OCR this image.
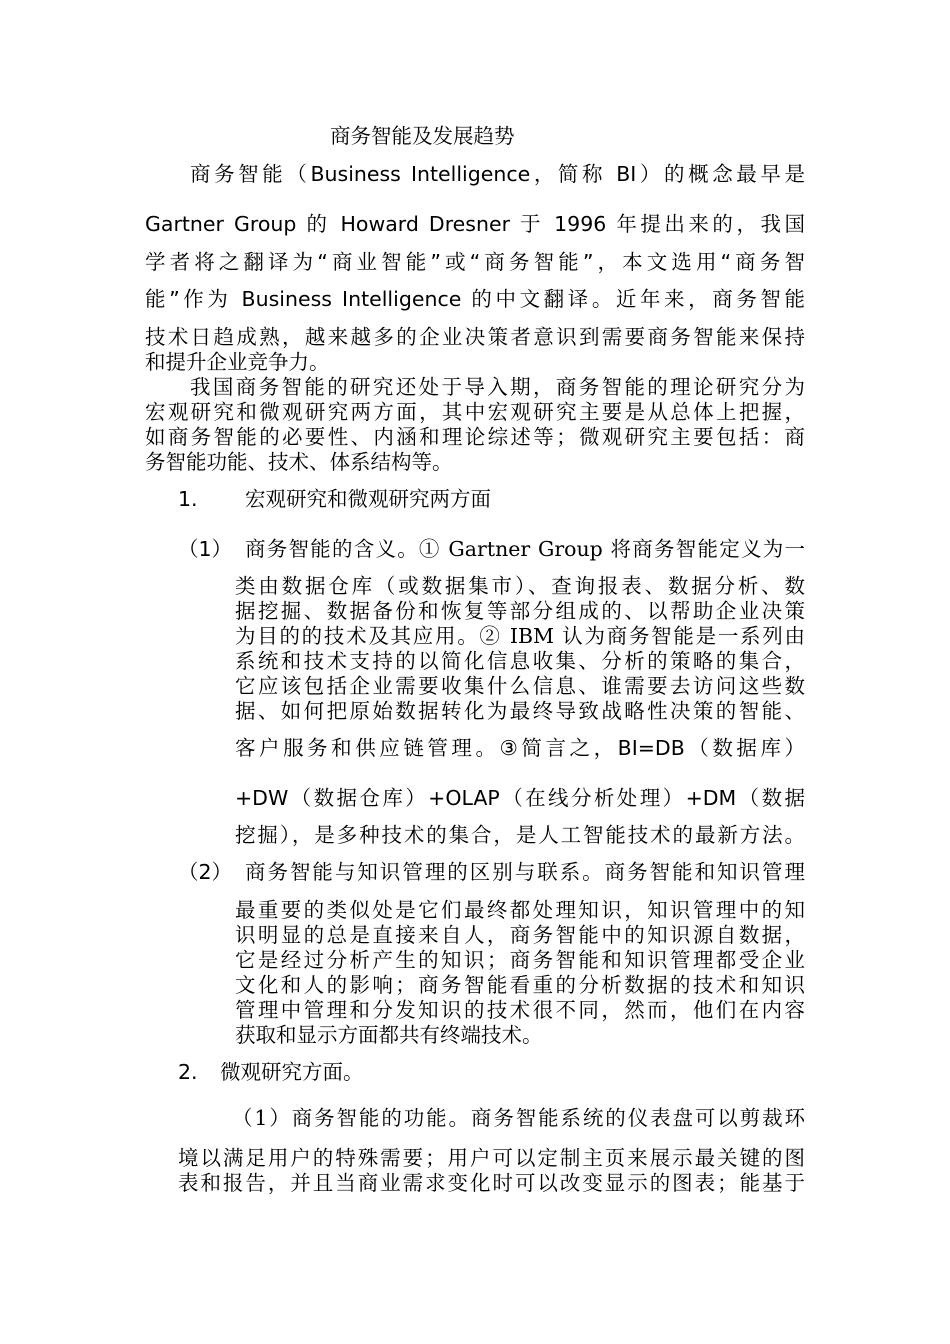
商务智能及发展趋势
商务智能（Business Intelligence，简称 BI）的概念最早是
Gartner Group 的 Howard Dresner 于 1996 年提出来的，我国
学者将之翻译为“商业智能”或“商务智能”，本文选用“商务智
能”作为 Business Intelligence 的中文翻译。近年来，商务智能
技术日趋成熟，越来越多的企业决策者意识到需要商务智能来保持
和提升企业竞争力。
我国商务智能的研究还处于导入期，商务智能的理论研究分为
宏观研究和微观研究两方面，其中宏观研究主要是从总体上把握，
如商务智能的必要性、内涵和理论综述等；微观研究主要包括：商
务智能功能、技术、体系结构等。
1. 宏观研究和微观研究两方面
（1） 商务智能的含义。① Gartner Group 将商务智能定义为一
类由数据仓库（或数据集市）、查询报表、数据分析、数
据挖掘、数据备份和恢复等部分组成的、以帮助企业决策
为目的的技术及其应用。② IBM 认为商务智能是一系列由
系统和技术支持的以简化信息收集、分析的策略的集合，
它应该包括企业需要收集什么信息、谁需要去访问这些数
据、如何把原始数据转化为最终导致战略性决策的智能、
客户服务和供应链管理。③简言之，BI=DB（数据库）
+DW（数据仓库）+OLAP（在线分析处理）+DM（数据
挖掘），是多种技术的集合，是人工智能技术的最新方法。
（2） 商务智能与知识管理的区别与联系。商务智能和知识管理
最重要的类似处是它们最终都处理知识，知识管理中的知
识明显的总是直接来自人，商务智能中的知识源自数据，
它是经过分析产生的知识；商务智能和知识管理都受企业
文化和人的影响；商务智能看重的分析数据的技术和知识
管理中管理和分发知识的技术很不同，然而，他们在内容
获取和显示方面都共有终端技术。
2. 微观研究方面。
（1）商务智能的功能。商务智能系统的仪表盘可以剪裁环
境以满足用户的特殊需要；用户可以定制主页来展示最关键的图
表和报告，并且当商业需求变化时可以改变显示的图表；能基于
